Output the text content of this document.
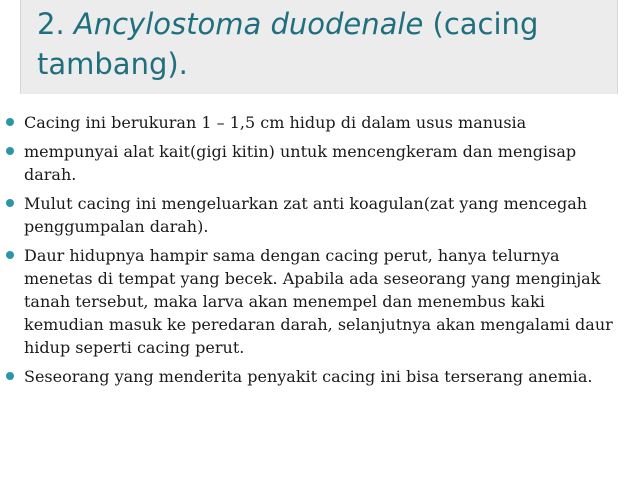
2. Ancylostoma duodenale (cacing tambang).
Cacing ini berukuran 1 – 1,5 cm hidup di dalam usus manusia
mempunyai alat kait(gigi kitin) untuk mencengkeram dan mengisap darah.
Mulut cacing ini mengeluarkan zat anti koagulan(zat yang mencegah penggumpalan darah).
Daur hidupnya hampir sama dengan cacing perut, hanya telurnya menetas di tempat yang becek. Apabila ada seseorang yang menginjak tanah tersebut, maka larva akan menempel dan menembus kaki kemudian masuk ke peredaran darah, selanjutnya akan mengalami daur hidup seperti cacing perut.
Seseorang yang menderita penyakit cacing ini bisa terserang anemia.
